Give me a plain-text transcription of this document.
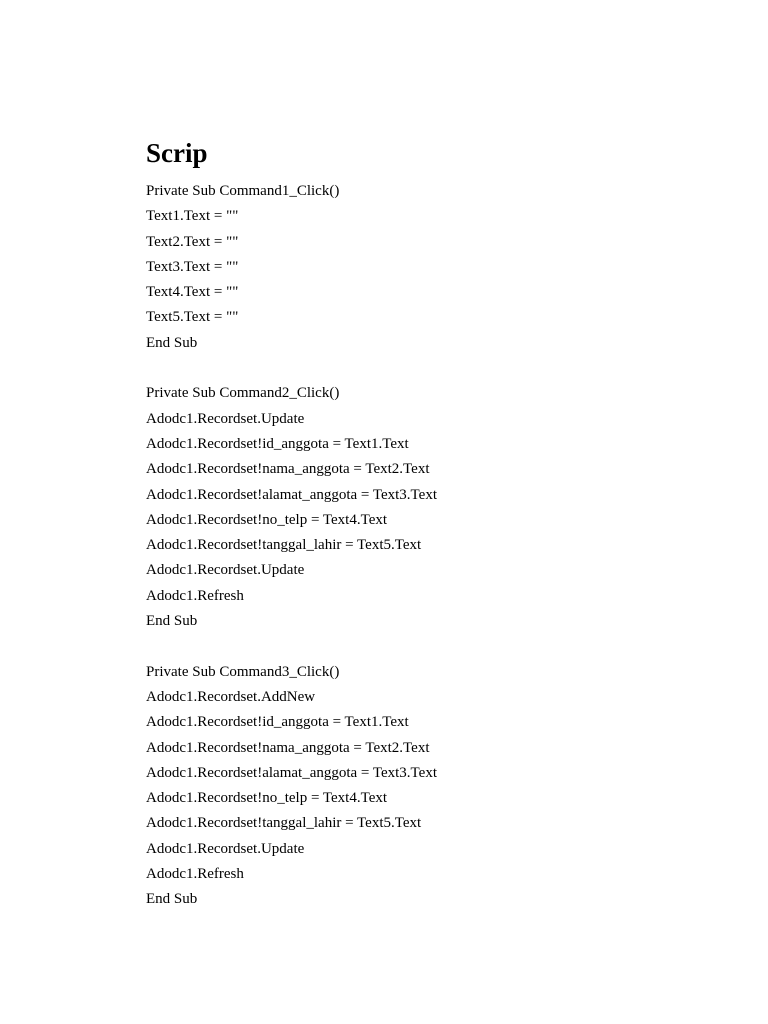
Scrip

Private Sub Command1_Click()

Text1.Text = ""

Text2.Text = ""

Text3.Text = ""

Text4.Text = ""

Text5.Text = ""

End Sub

Private Sub Command2_Click()

Adodc1.Recordset.Update

Adodc1.Recordset!id_anggota = Text1.Text

Adodc1.Recordset!nama_anggota = Text2.Text

Adodc1.Recordset!alamat_anggota = Text3.Text

Adodc1.Recordset!no_telp = Text4.Text

Adodc1.Recordset!tanggal_lahir = Text5.Text

Adodc1.Recordset.Update

Adodc1.Refresh

End Sub

Private Sub Command3_Click()

Adodc1.Recordset.AddNew

Adodc1.Recordset!id_anggota = Text1.Text

Adodc1.Recordset!nama_anggota = Text2.Text

Adodc1.Recordset!alamat_anggota = Text3.Text

Adodc1.Recordset!no_telp = Text4.Text

Adodc1.Recordset!tanggal_lahir = Text5.Text

Adodc1.Recordset.Update

Adodc1.Refresh

End Sub
